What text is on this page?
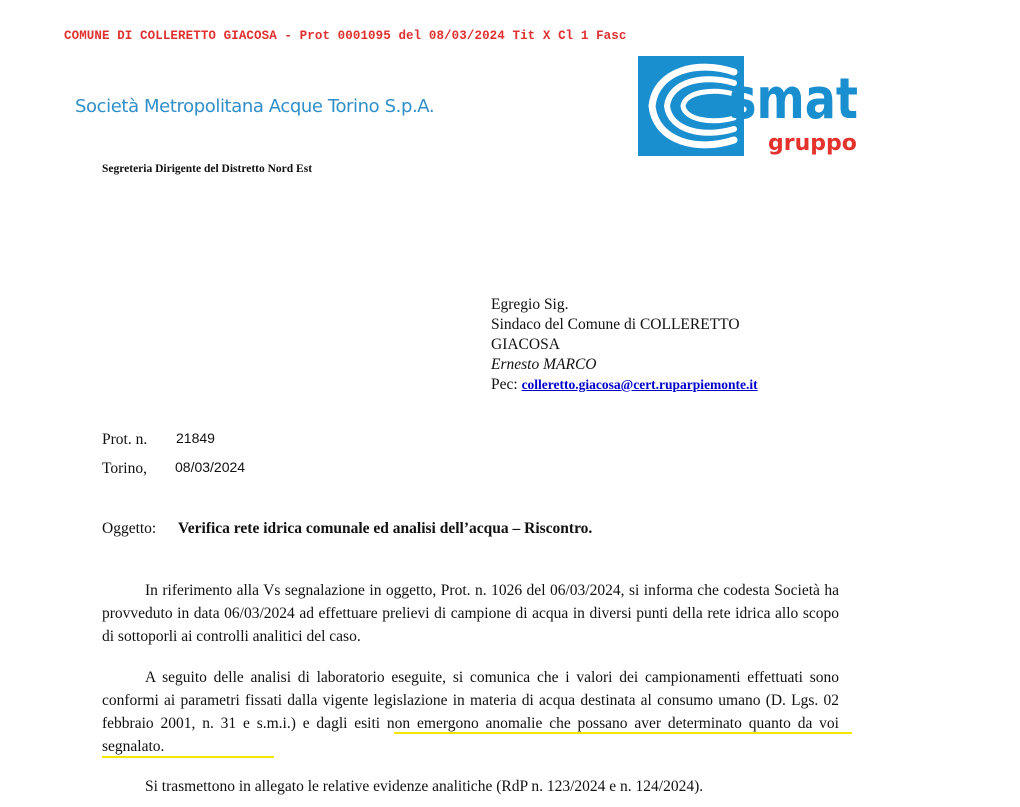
COMUNE DI COLLERETTO GIACOSA - Prot 0001095 del 08/03/2024 Tit X Cl 1 Fasc
Società Metropolitana Acque Torino S.p.A.	smat
gruppo
Segreteria Dirigente del Distretto Nord Est
Egregio Sig.
Sindaco del Comune di COLLERETTO
GIACOSA
Ernesto MARCO
Pec: colleretto.giacosa@cert.ruparpiemonte.it
Prot. n. 21849
Torino, 08/03/2024
Oggetto: Verifica rete idrica comunale ed analisi dell’acqua – Riscontro.

In riferimento alla Vs segnalazione in oggetto, Prot. n. 1026 del 06/03/2024, si informa che codesta Società ha provveduto in data 06/03/2024 ad effettuare prelievi di campione di acqua in diversi punti della rete idrica allo scopo di sottoporli ai controlli analitici del caso.

A seguito delle analisi di laboratorio eseguite, si comunica che i valori dei campionamenti effettuati sono conformi ai parametri fissati dalla vigente legislazione in materia di acqua destinata al consumo umano (D. Lgs. 02 febbraio 2001, n. 31 e s.m.i.) e dagli esiti non emergono anomalie che possano aver determinato quanto da voi segnalato.

Si trasmettono in allegato le relative evidenze analitiche (RdP n. 123/2024 e n. 124/2024).
